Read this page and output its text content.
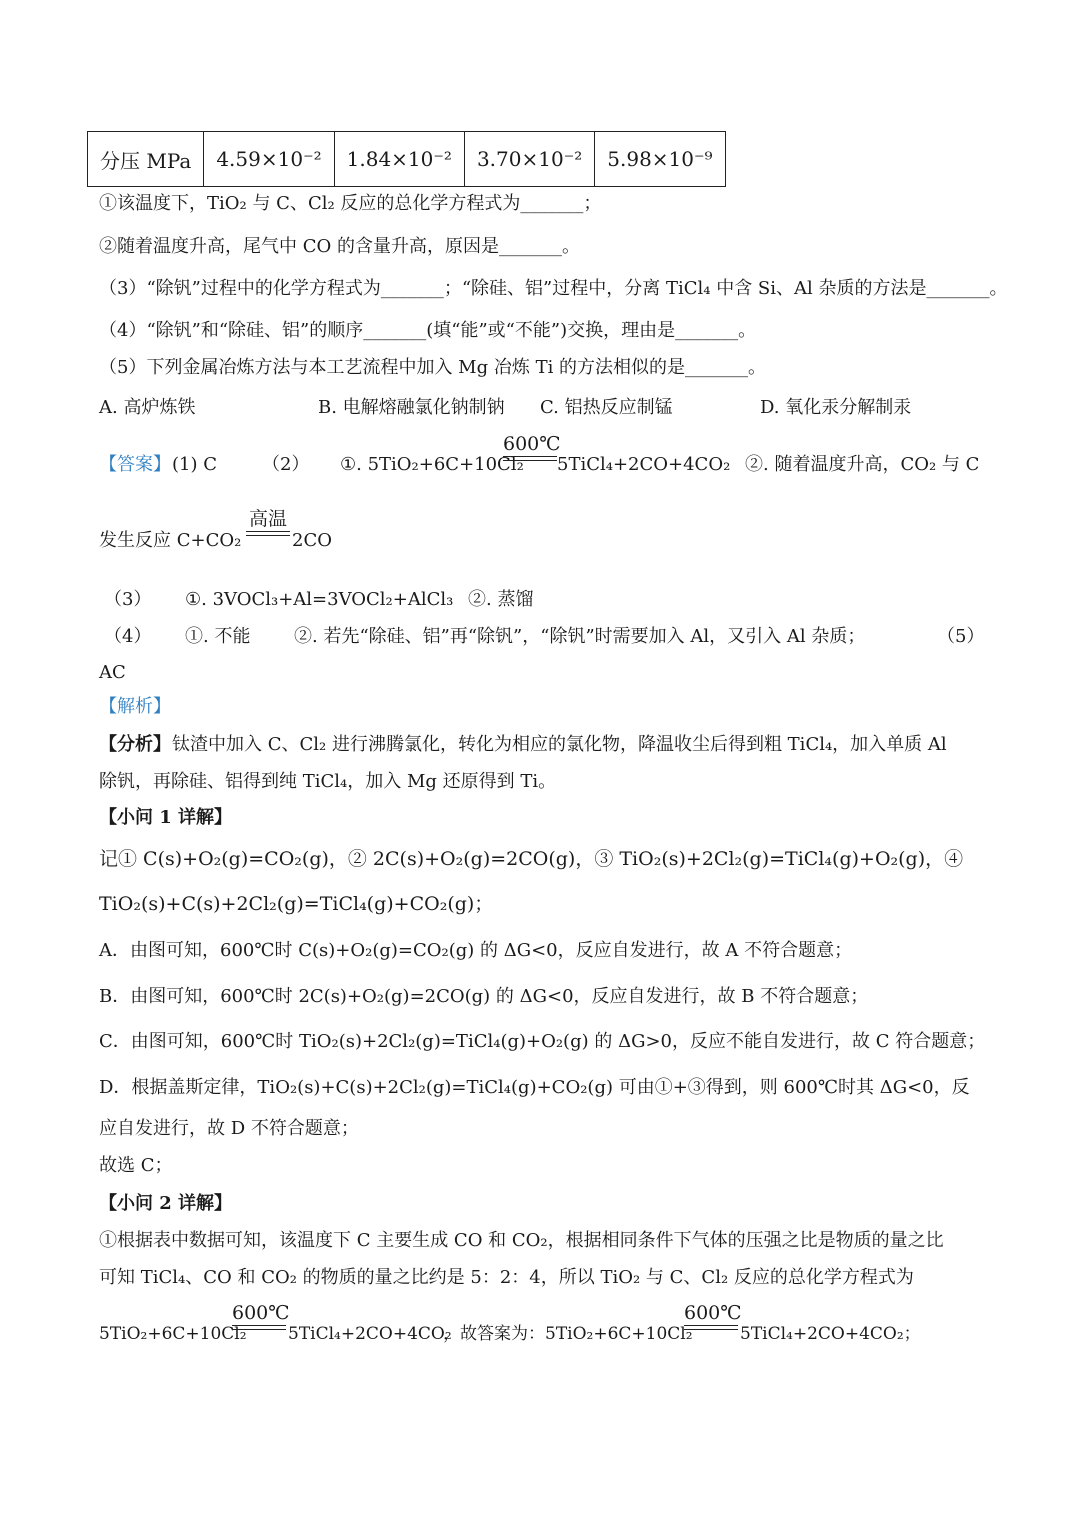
分压 MPa	4.59×10⁻²	1.84×10⁻²	3.70×10⁻²	5.98×10⁻⁹
①该温度下，TiO₂ 与 C、Cl₂ 反应的总化学方程式为_______；
②随着温度升高，尾气中 CO 的含量升高，原因是_______。
（3）“除钒”过程中的化学方程式为_______；“除硅、铝”过程中，分离 TiCl₄ 中含 Si、Al 杂质的方法是_______。
（4）“除钒”和“除硅、铝”的顺序_______(填“能”或“不能”)交换，理由是_______。
（5）下列金属冶炼方法与本工艺流程中加入 Mg 冶炼 Ti 的方法相似的是_______。
A. 高炉炼铁	B. 电解熔融氯化钠制钠 C. 铝热反应制锰	D. 氧化汞分解制汞
【答案】 (1) C	（2） ①. 5TiO₂+6C+10Cl₂
600℃
5TiCl₄+2CO+4CO₂ ②. 随着温度升高，CO₂ 与 C
发生反应 C+CO₂
高温
2CO
（3） ①. 3VOCl₃+Al=3VOCl₂+AlCl₃ ②. 蒸馏
（4） ①. 不能 ②. 若先“除硅、铝”再“除钒”，“除钒”时需要加入 Al，又引入 Al 杂质；	（5）
AC
【解析】
【分析】 钛渣中加入 C、Cl₂ 进行沸腾氯化，转化为相应的氯化物，降温收尘后得到粗 TiCl₄，加入单质 Al
除钒，再除硅、铝得到纯 TiCl₄，加入 Mg 还原得到 Ti。
【小问 1 详解】
记① C(s)+O₂(g)=CO₂(g)，② 2C(s)+O₂(g)=2CO(g)，③ TiO₂(s)+2Cl₂(g)=TiCl₄(g)+O₂(g)，④
TiO₂(s)+C(s)+2Cl₂(g)=TiCl₄(g)+CO₂(g)；
A．由图可知，600℃时 C(s)+O₂(g)=CO₂(g) 的 ΔG<0，反应自发进行，故 A 不符合题意；
B．由图可知，600℃时 2C(s)+O₂(g)=2CO(g) 的 ΔG<0，反应自发进行，故 B 不符合题意；
C．由图可知，600℃时 TiO₂(s)+2Cl₂(g)=TiCl₄(g)+O₂(g) 的 ΔG>0，反应不能自发进行，故 C 符合题意；
D．根据盖斯定律，TiO₂(s)+C(s)+2Cl₂(g)=TiCl₄(g)+CO₂(g) 可由①+③得到，则 600℃时其 ΔG<0，反
应自发进行，故 D 不符合题意；
故选 C；
【小问 2 详解】
①根据表中数据可知，该温度下 C 主要生成 CO 和 CO₂，根据相同条件下气体的压强之比是物质的量之比
可知 TiCl₄、CO 和 CO₂ 的物质的量之比约是 5：2：4，所以 TiO₂ 与 C、Cl₂ 反应的总化学方程式为
5TiO₂+6C+10Cl₂
600℃
5TiCl₄+2CO+4CO₂
，故答案为：5TiO₂+6C+10Cl₂
600℃
5TiCl₄+2CO+4CO₂；
